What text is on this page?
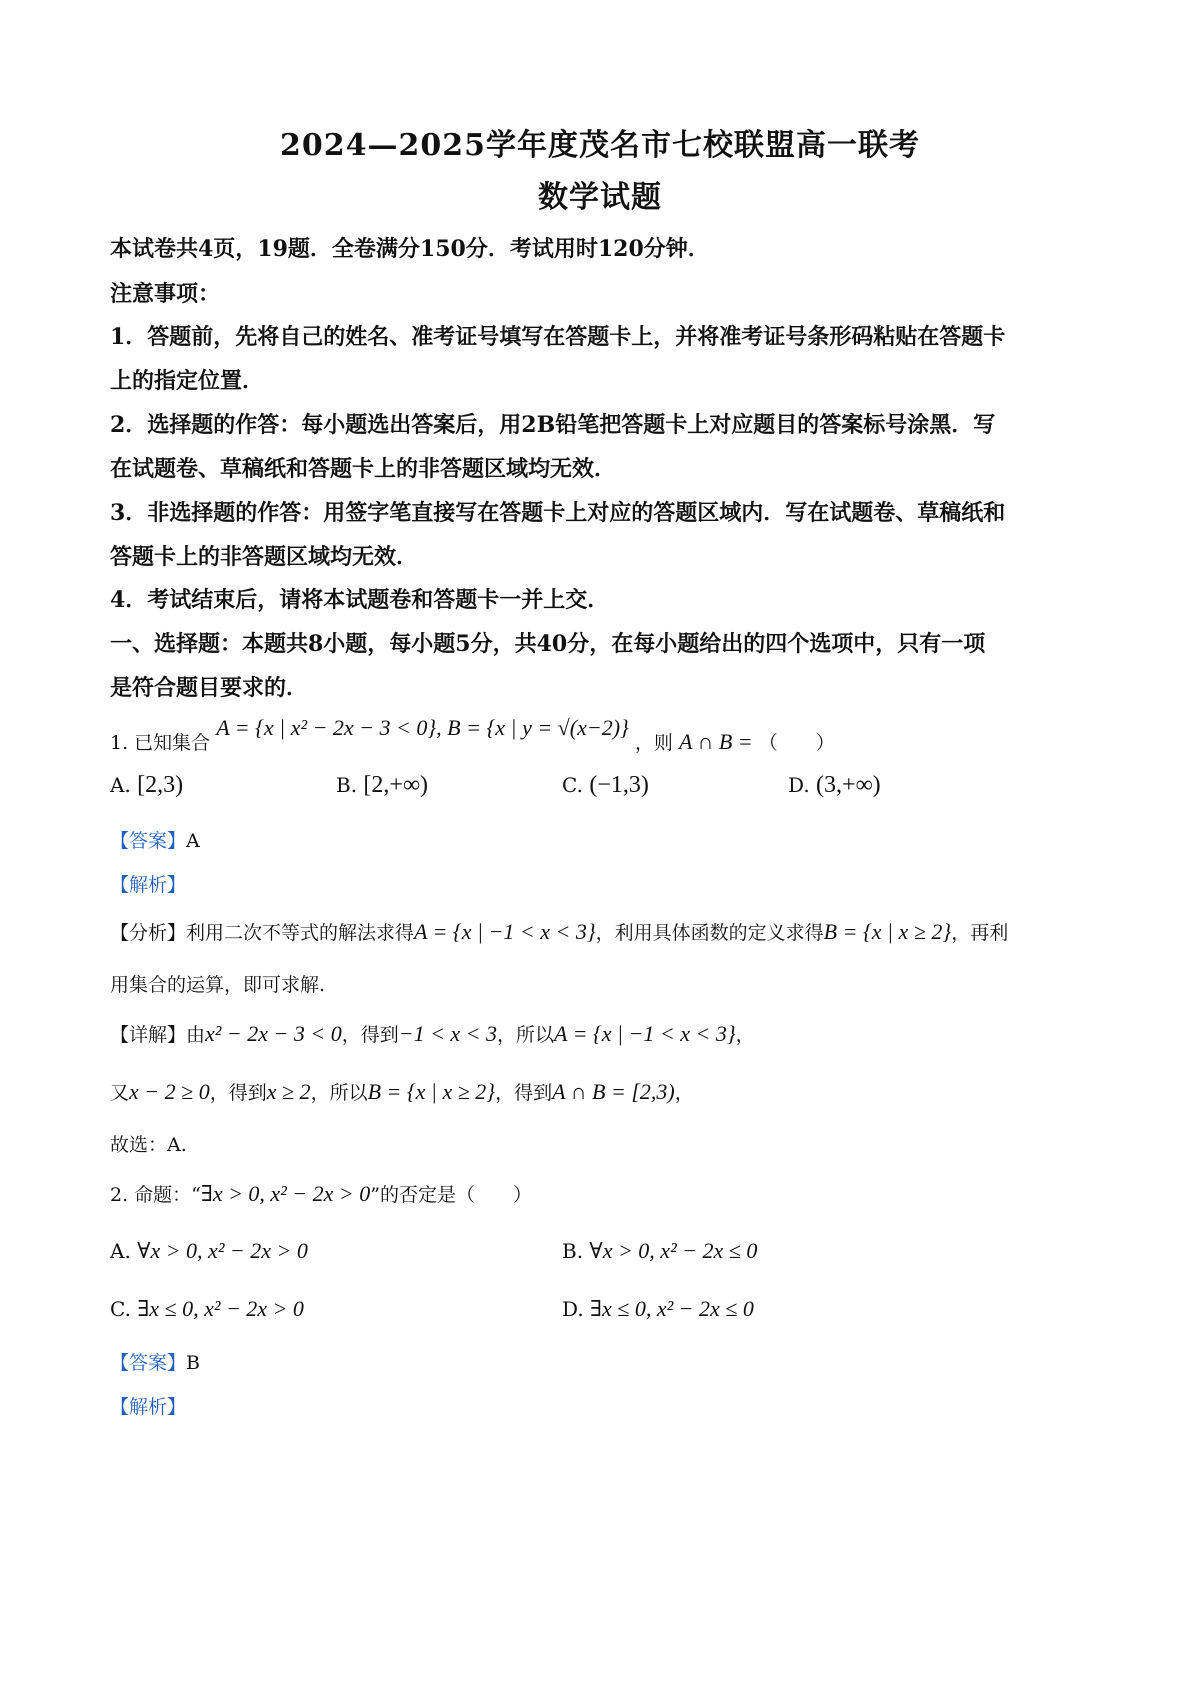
2024—2025学年度茂名市七校联盟高一联考
数学试题
本试卷共4页，19题．全卷满分150分．考试用时120分钟．
注意事项：
1．答题前，先将自己的姓名、准考证号填写在答题卡上，并将准考证号条形码粘贴在答题卡
上的指定位置．
2．选择题的作答：每小题选出答案后，用2B铅笔把答题卡上对应题目的答案标号涂黑．写
在试题卷、草稿纸和答题卡上的非答题区域均无效．
3．非选择题的作答：用签字笔直接写在答题卡上对应的答题区域内．写在试题卷、草稿纸和
答题卡上的非答题区域均无效．
4．考试结束后，请将本试题卷和答题卡一并上交．
一、选择题：本题共8小题，每小题5分，共40分，在每小题给出的四个选项中，只有一项
是符合题目要求的．
1. 已知集合 A = {x | x² − 2x − 3 < 0}, B = {x | y = √(x−2)} ，则 A ∩ B = （　　）
A. [2,3)	B. [2,+∞)	C. (−1,3)	D. (3,+∞)
【答案】A
【解析】
【分析】利用二次不等式的解法求得A = {x | −1 < x < 3}，利用具体函数的定义求得B = {x | x ≥ 2}，再利
用集合的运算，即可求解.
【详解】由x² − 2x − 3 < 0，得到−1 < x < 3，所以A = {x | −1 < x < 3}，
又x − 2 ≥ 0，得到x ≥ 2，所以B = {x | x ≥ 2}，得到A ∩ B = [2,3)，
故选：A.
2. 命题：“∃x > 0, x² − 2x > 0”的否定是（　　）
A. ∀x > 0, x² − 2x > 0	B. ∀x > 0, x² − 2x ≤ 0
C. ∃x ≤ 0, x² − 2x > 0	D. ∃x ≤ 0, x² − 2x ≤ 0
【答案】B
【解析】
